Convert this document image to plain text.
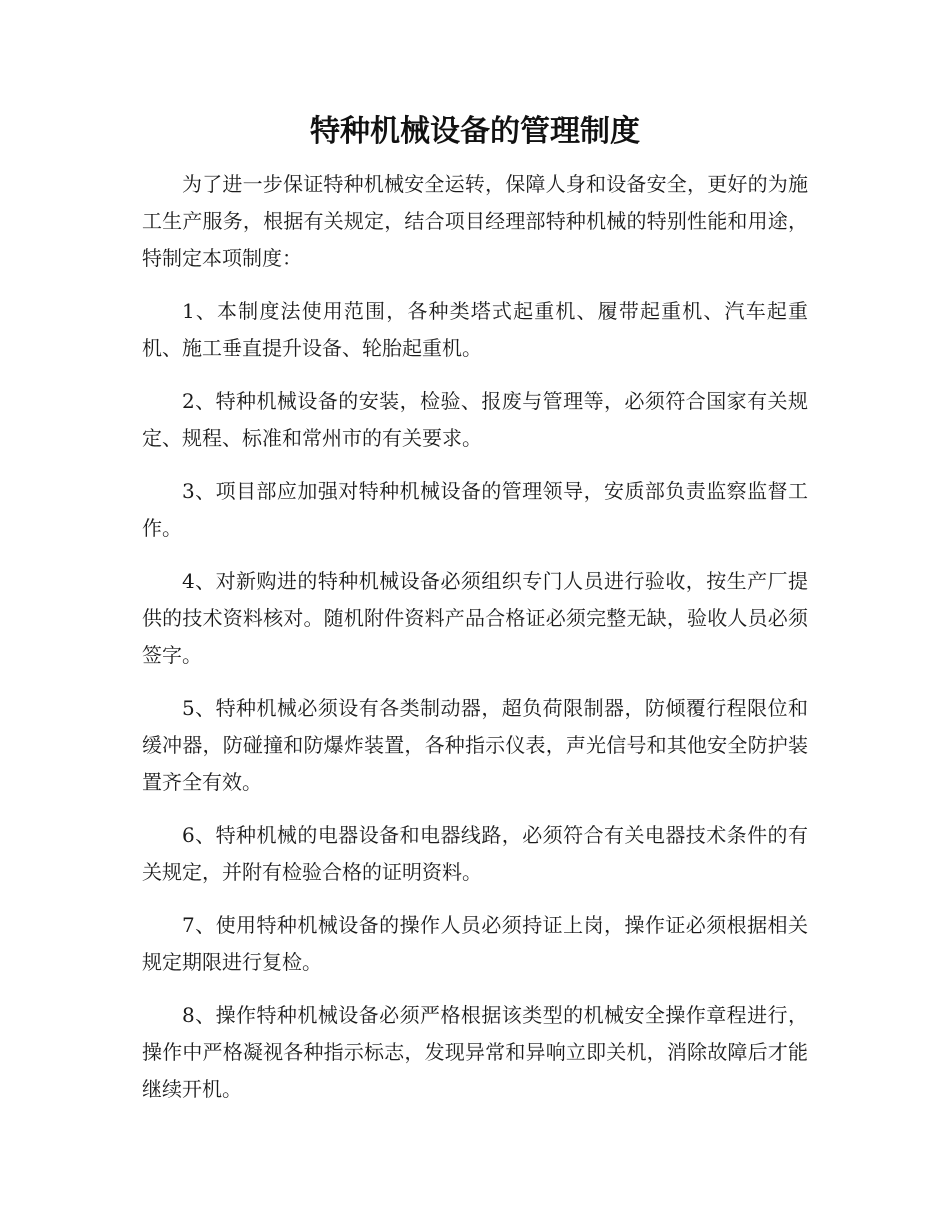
特种机械设备的管理制度

为了进一步保证特种机械安全运转，保障人身和设备安全，更好的为施工生产服务，根据有关规定，结合项目经理部特种机械的特别性能和用途，特制定本项制度：

1、本制度法使用范围，各种类塔式起重机、履带起重机、汽车起重机、施工垂直提升设备、轮胎起重机。

2、特种机械设备的安装，检验、报废与管理等，必须符合国家有关规定、规程、标准和常州市的有关要求。

3、项目部应加强对特种机械设备的管理领导，安质部负责监察监督工作。

4、对新购进的特种机械设备必须组织专门人员进行验收，按生产厂提供的技术资料核对。随机附件资料产品合格证必须完整无缺，验收人员必须签字。

5、特种机械必须设有各类制动器，超负荷限制器，防倾覆行程限位和缓冲器，防碰撞和防爆炸装置，各种指示仪表，声光信号和其他安全防护装置齐全有效。

6、特种机械的电器设备和电器线路，必须符合有关电器技术条件的有关规定，并附有检验合格的证明资料。

7、使用特种机械设备的操作人员必须持证上岗，操作证必须根据相关规定期限进行复检。

8、操作特种机械设备必须严格根据该类型的机械安全操作章程进行，操作中严格凝视各种指示标志，发现异常和异响立即关机，消除故障后才能继续开机。
